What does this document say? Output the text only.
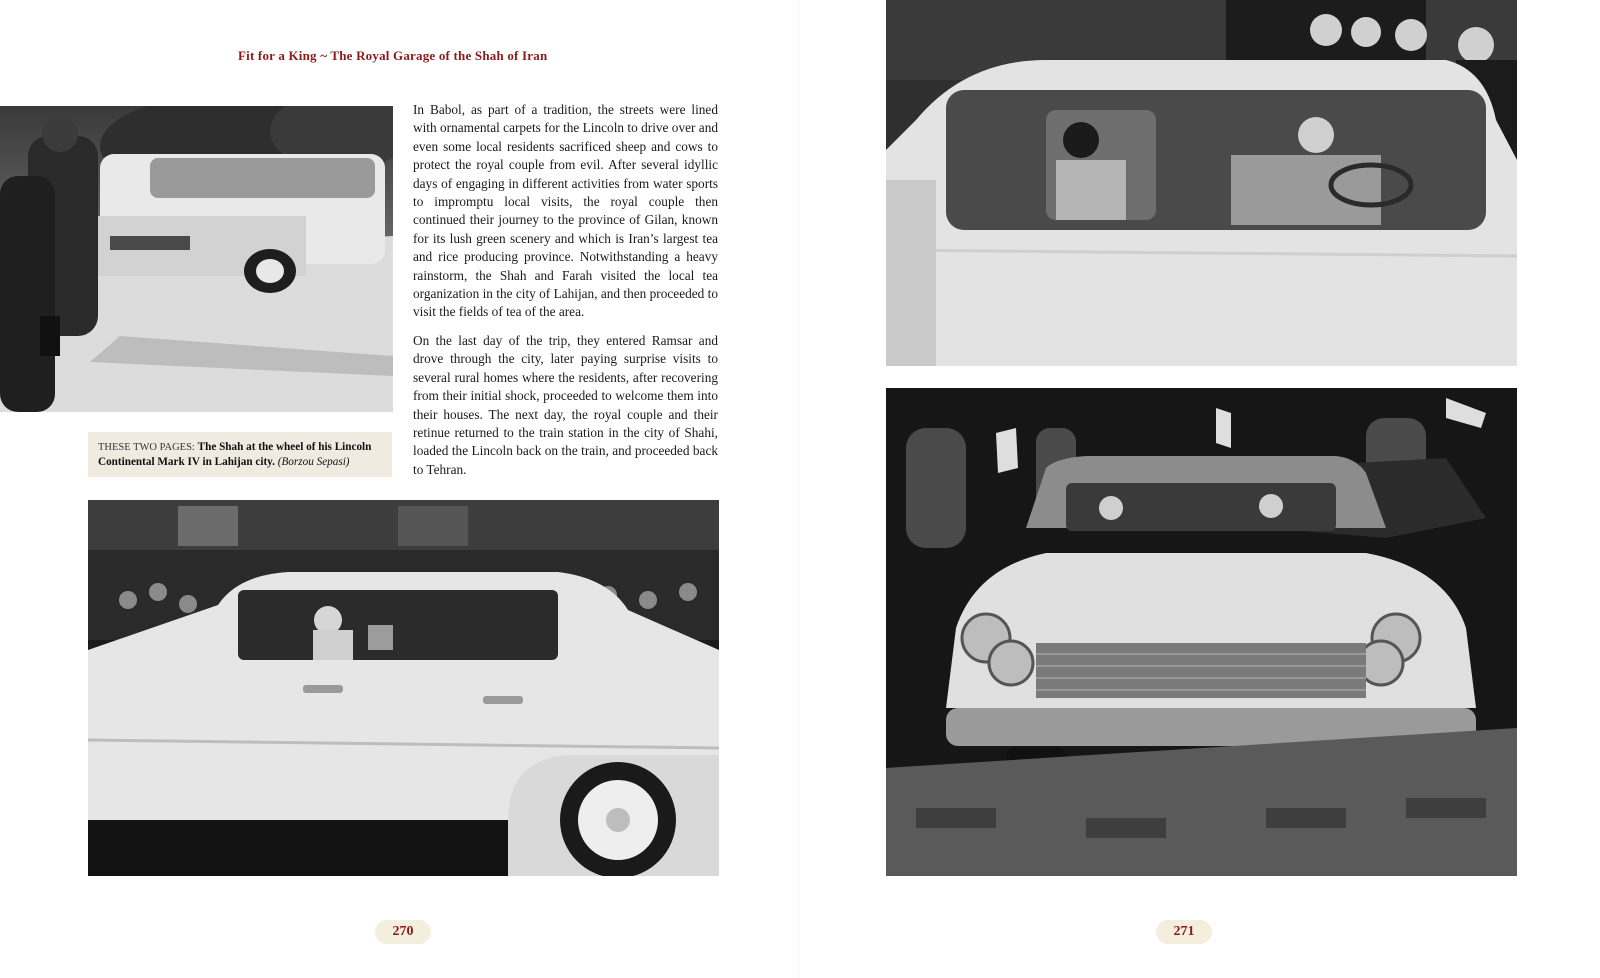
Fit for a King ~ The Royal Garage of the Shah of Iran
THESE TWO PAGES: The Shah at the wheel of his Lincoln Continental Mark IV in Lahijan city. (Borzou Sepasi)

In Babol, as part of a tradition, the streets were lined with ornamental carpets for the Lincoln to drive over and even some local residents sacrificed sheep and cows to protect the royal couple from evil. After several idyllic days of engaging in different activities from water sports to impromptu local visits, the royal couple then continued their journey to the province of Gilan, known for its lush green scenery and which is Iran’s largest tea and rice producing province. Notwithstanding a heavy rainstorm, the Shah and Farah visited the local tea organization in the city of Lahijan, and then proceeded to visit the fields of tea of the area.

On the last day of the trip, they entered Ramsar and drove through the city, later paying surprise visits to several rural homes where the residents, after recovering from their initial shock, proceeded to welcome them into their houses. The next day, the royal couple and their retinue returned to the train station in the city of Shahi, loaded the Lincoln back on the train, and proceeded back to Tehran.

270	271
